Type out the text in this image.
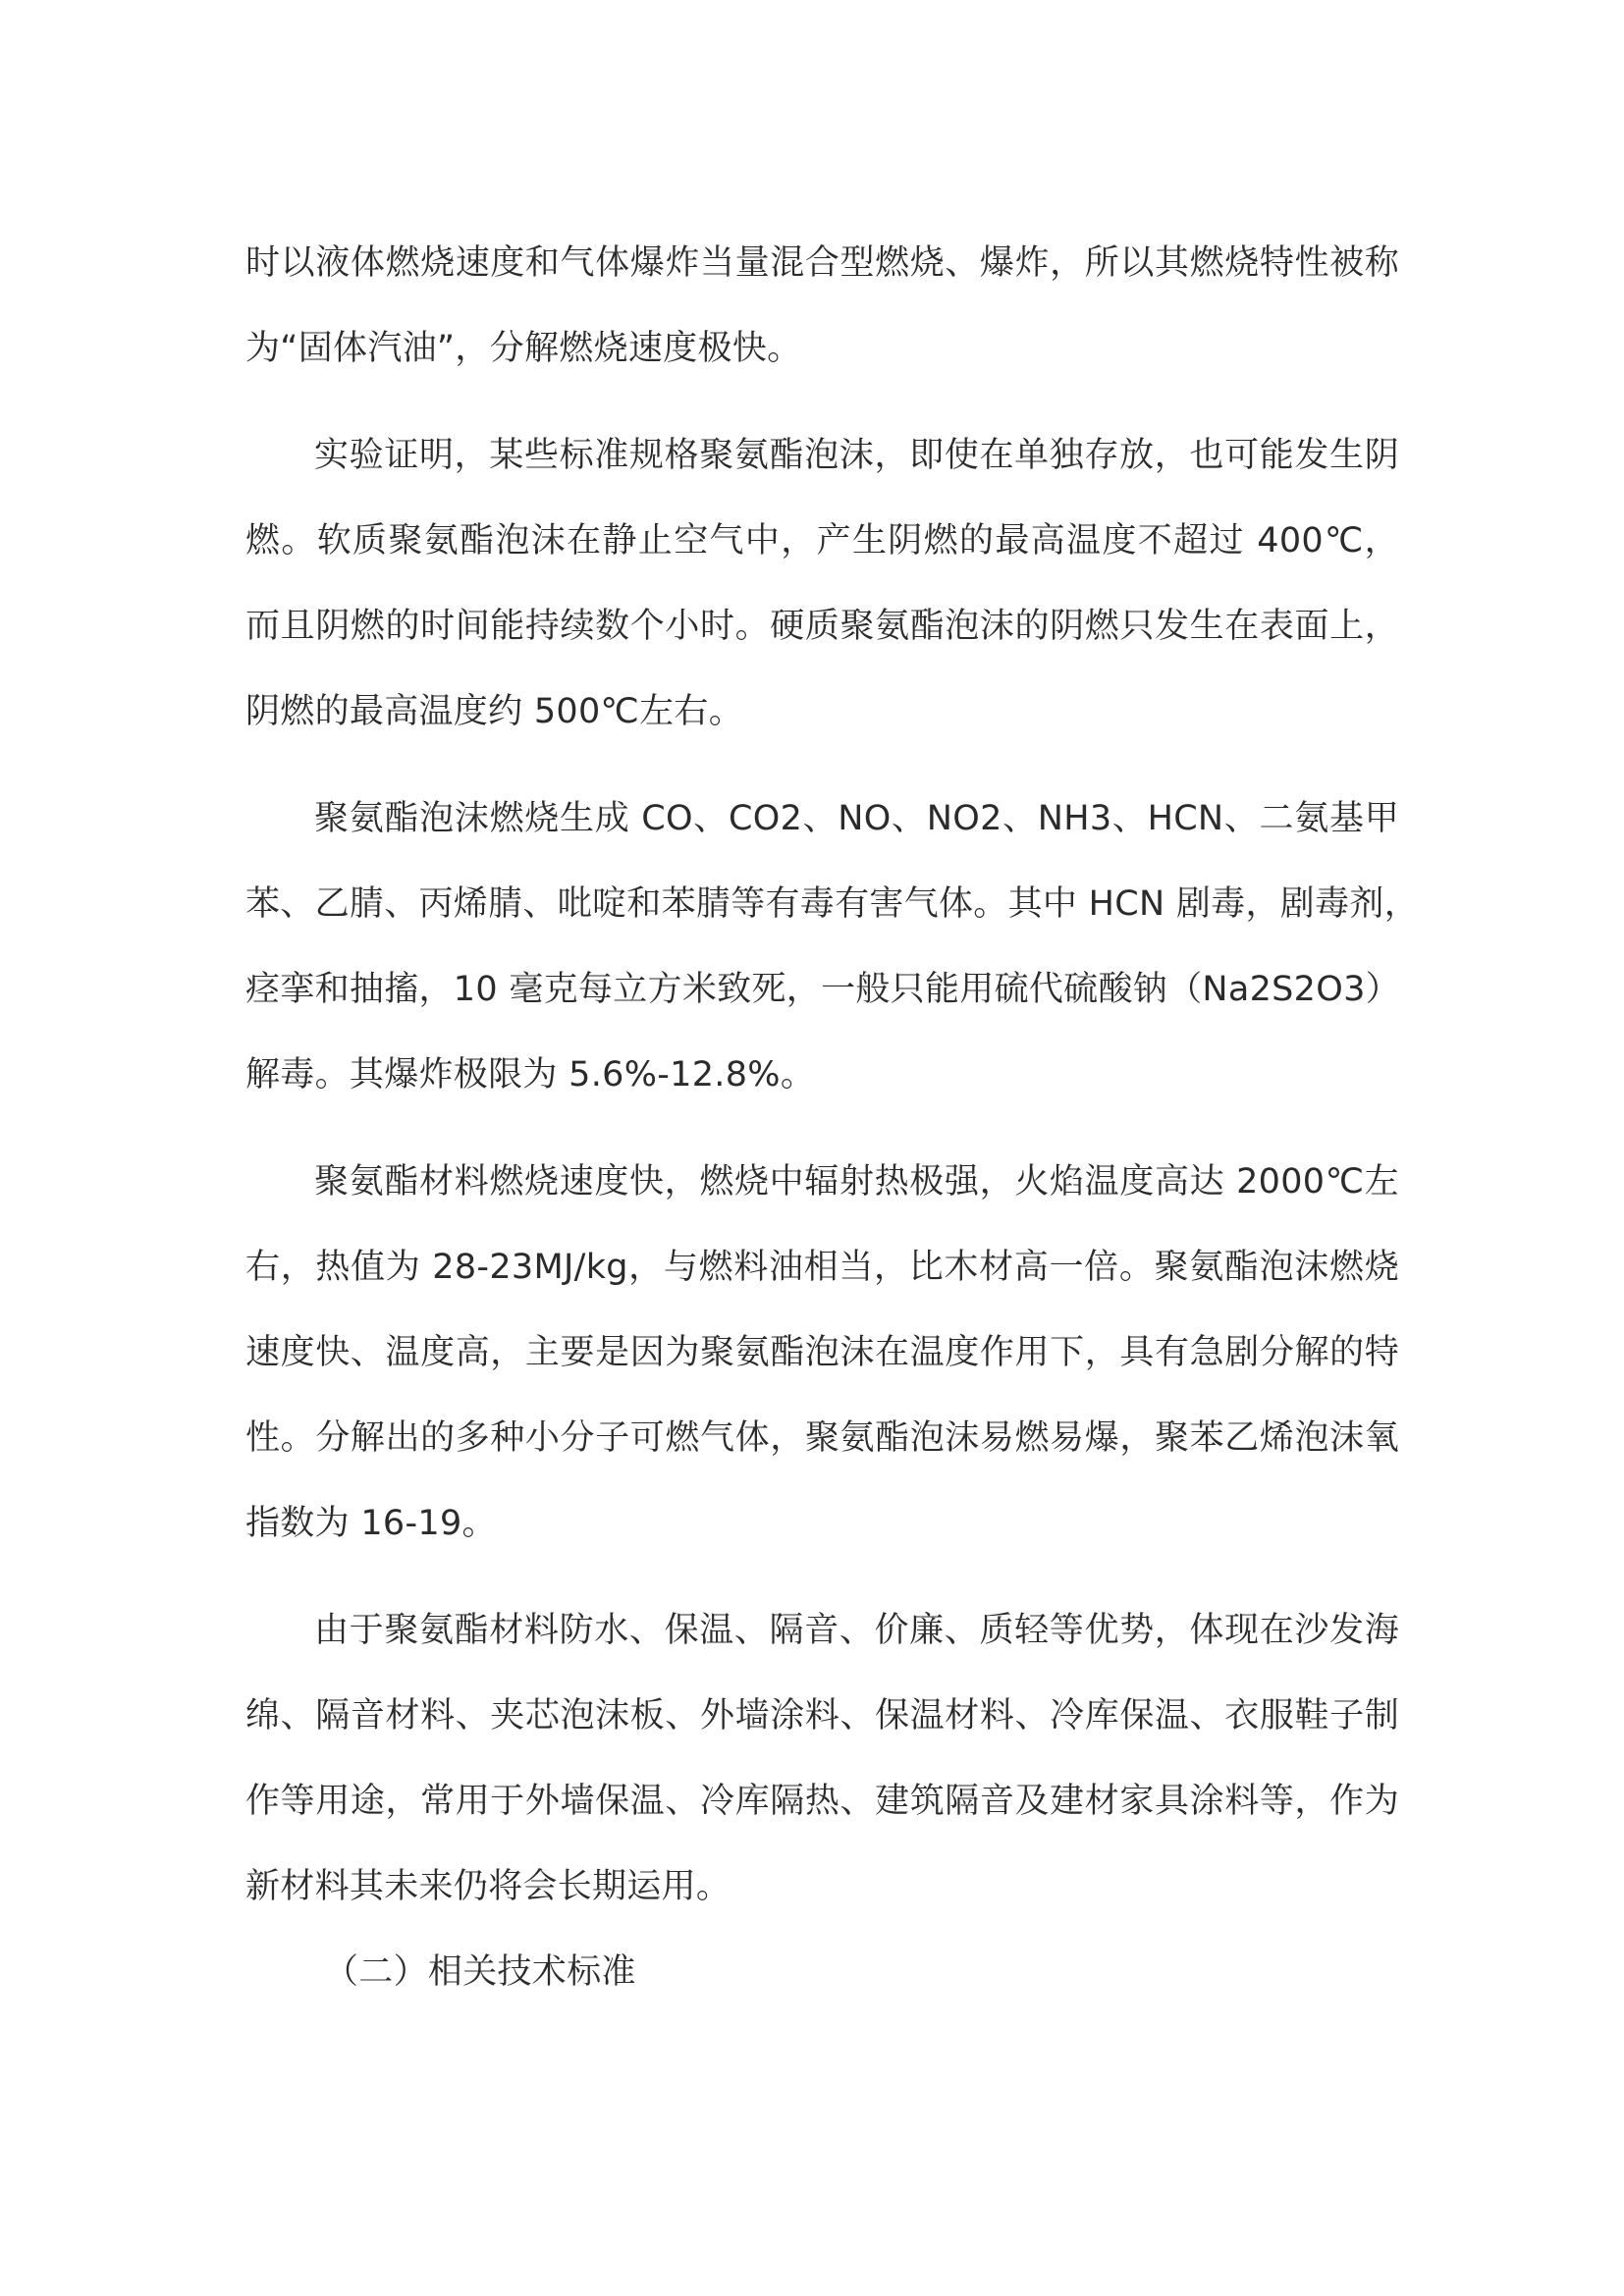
时以液体燃烧速度和气体爆炸当量混合型燃烧、爆炸，所以其燃烧特性被称
为“固体汽油”，分解燃烧速度极快。
实验证明，某些标准规格聚氨酯泡沫，即使在单独存放，也可能发生阴
燃。软质聚氨酯泡沫在静止空气中，产生阴燃的最高温度不超过 400℃，
而且阴燃的时间能持续数个小时。硬质聚氨酯泡沫的阴燃只发生在表面上，
阴燃的最高温度约 500℃左右。
聚氨酯泡沫燃烧生成 CO、CO2、NO、NO2、NH3、HCN、二氨基甲
苯、乙腈、丙烯腈、吡啶和苯腈等有毒有害气体。其中 HCN 剧毒，剧毒剂，
痉挛和抽搐，10 毫克每立方米致死，一般只能用硫代硫酸钠（Na2S2O3）
解毒。其爆炸极限为 5.6%-12.8%。
聚氨酯材料燃烧速度快，燃烧中辐射热极强，火焰温度高达 2000℃左
右，热值为 28-23MJ/kg，与燃料油相当，比木材高一倍。聚氨酯泡沫燃烧
速度快、温度高，主要是因为聚氨酯泡沫在温度作用下，具有急剧分解的特
性。分解出的多种小分子可燃气体，聚氨酯泡沫易燃易爆，聚苯乙烯泡沫氧
指数为 16-19。
由于聚氨酯材料防水、保温、隔音、价廉、质轻等优势，体现在沙发海
绵、隔音材料、夹芯泡沫板、外墙涂料、保温材料、冷库保温、衣服鞋子制
作等用途，常用于外墙保温、冷库隔热、建筑隔音及建材家具涂料等，作为
新材料其未来仍将会长期运用。
（二）相关技术标准
